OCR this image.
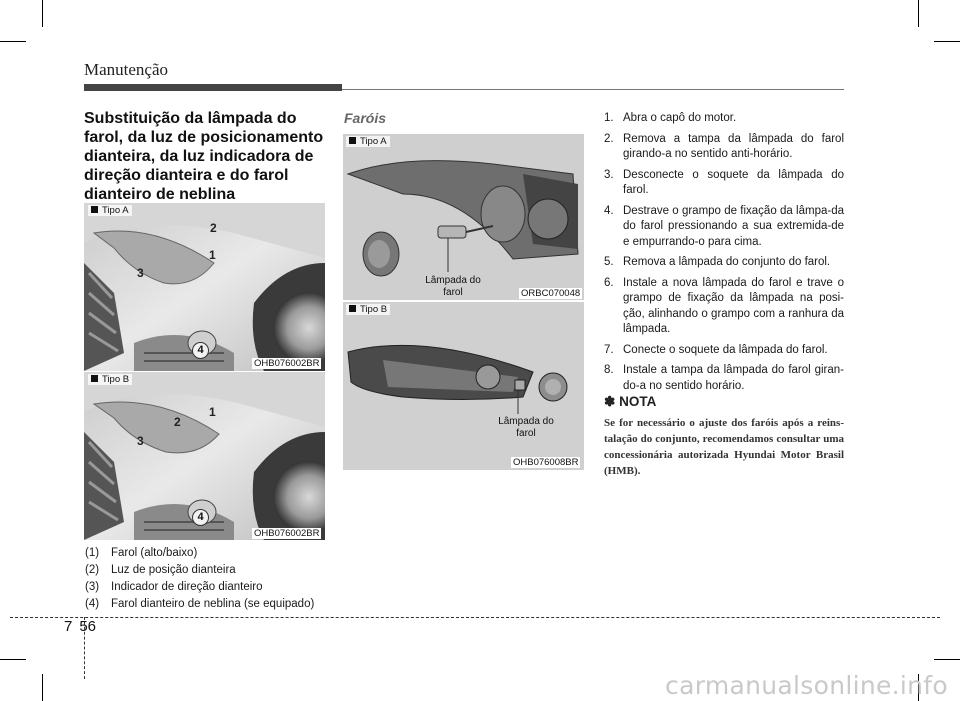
Manutenção
Substituição da lâmpada do farol, da luz de posicionamento dianteira, da luz indicadora de direção dianteira e do farol dianteiro de neblina
Tipo A
2
1
3
4
OHB076002BR
Tipo B
1
2
3
4
OHB076002BR
(1)	Farol (alto/baixo)
(2)	Luz de posição dianteira
(3)	Indicador de direção dianteiro
(4)	Farol dianteiro de neblina (se equipado)
Faróis
Tipo A
Lâmpada do
farol	ORBC070048
Tipo B
Lâmpada do
farol
OHB076008BR
1. Abra o capô do motor.
2. Remova a tampa da lâmpada do farol girando-a no sentido anti-horário.
3. Desconecte o soquete da lâmpada do farol.
4. Destrave o grampo de fixação da lâmpa-da do farol pressionando a sua extremida-de e empurrando-o para cima.
5. Remova a lâmpada do conjunto do farol.
6. Instale a nova lâmpada do farol e trave o grampo de fixação da lâmpada na posi-ção, alinhando o grampo com a ranhura da lâmpada.
7. Conecte o soquete da lâmpada do farol.
8. Instale a tampa da lâmpada do farol giran-do-a no sentido horário.
✽ NOTA
Se for necessário o ajuste dos faróis após a reins-talação do conjunto, recomendamos consultar uma concessionária autorizada Hyundai Motor Brasil (HMB).
7 56
carmanualsonline.info
